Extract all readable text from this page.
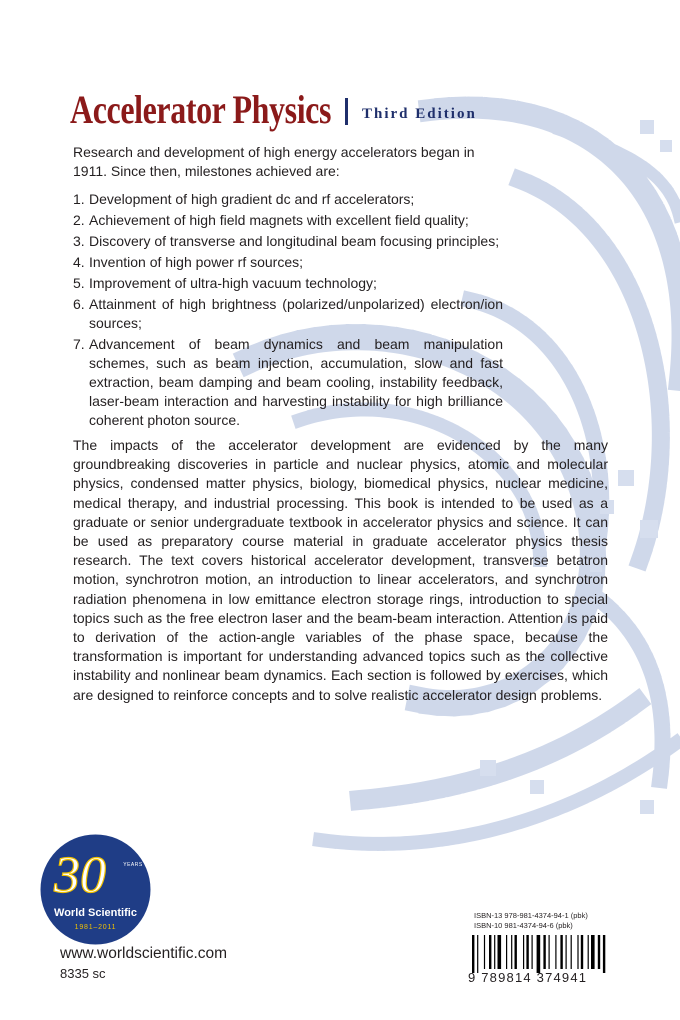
Accelerator Physics Third Edition

Research and development of high energy accelerators began in 1911. Since then, milestones achieved are:

1. Development of high gradient dc and rf accelerators;
2. Achievement of high field magnets with excellent field quality;
3. Discovery of transverse and longitudinal beam focusing principles;
4. Invention of high power rf sources;
5. Improvement of ultra-high vacuum technology;
6. Attainment of high brightness (polarized/unpolarized) electron/ion sources;
7. Advancement of beam dynamics and beam manipulation schemes, such as beam injection, accumulation, slow and fast extraction, beam damping and beam cooling, instability feedback, laser-beam interaction and harvesting instability for high brilliance coherent photon source.

The impacts of the accelerator development are evidenced by the many groundbreaking discoveries in particle and nuclear physics, atomic and molecular physics, condensed matter physics, biology, biomedical physics, nuclear medicine, medical therapy, and industrial processing. This book is intended to be used as a graduate or senior undergraduate textbook in accelerator physics and science. It can be used as preparatory course material in graduate accelerator physics thesis research. The text covers historical accelerator development, transverse betatron motion, synchrotron motion, an introduction to linear accelerators, and synchrotron radiation phenomena in low emittance electron storage rings, introduction to special topics such as the free electron laser and the beam-beam interaction. Attention is paid to derivation of the action-angle variables of the phase space, because the transformation is important for understanding advanced topics such as the collective instability and nonlinear beam dynamics. Each section is followed by exercises, which are designed to reinforce concepts and to solve realistic accelerator design problems.

30	YEARS
World Scientific
1981–2011
www.worldscientific.com
8335 sc
ISBN-13 978-981-4374-94-1 (pbk)
ISBN-10 981-4374-94-6 (pbk)
9 789814 374941
